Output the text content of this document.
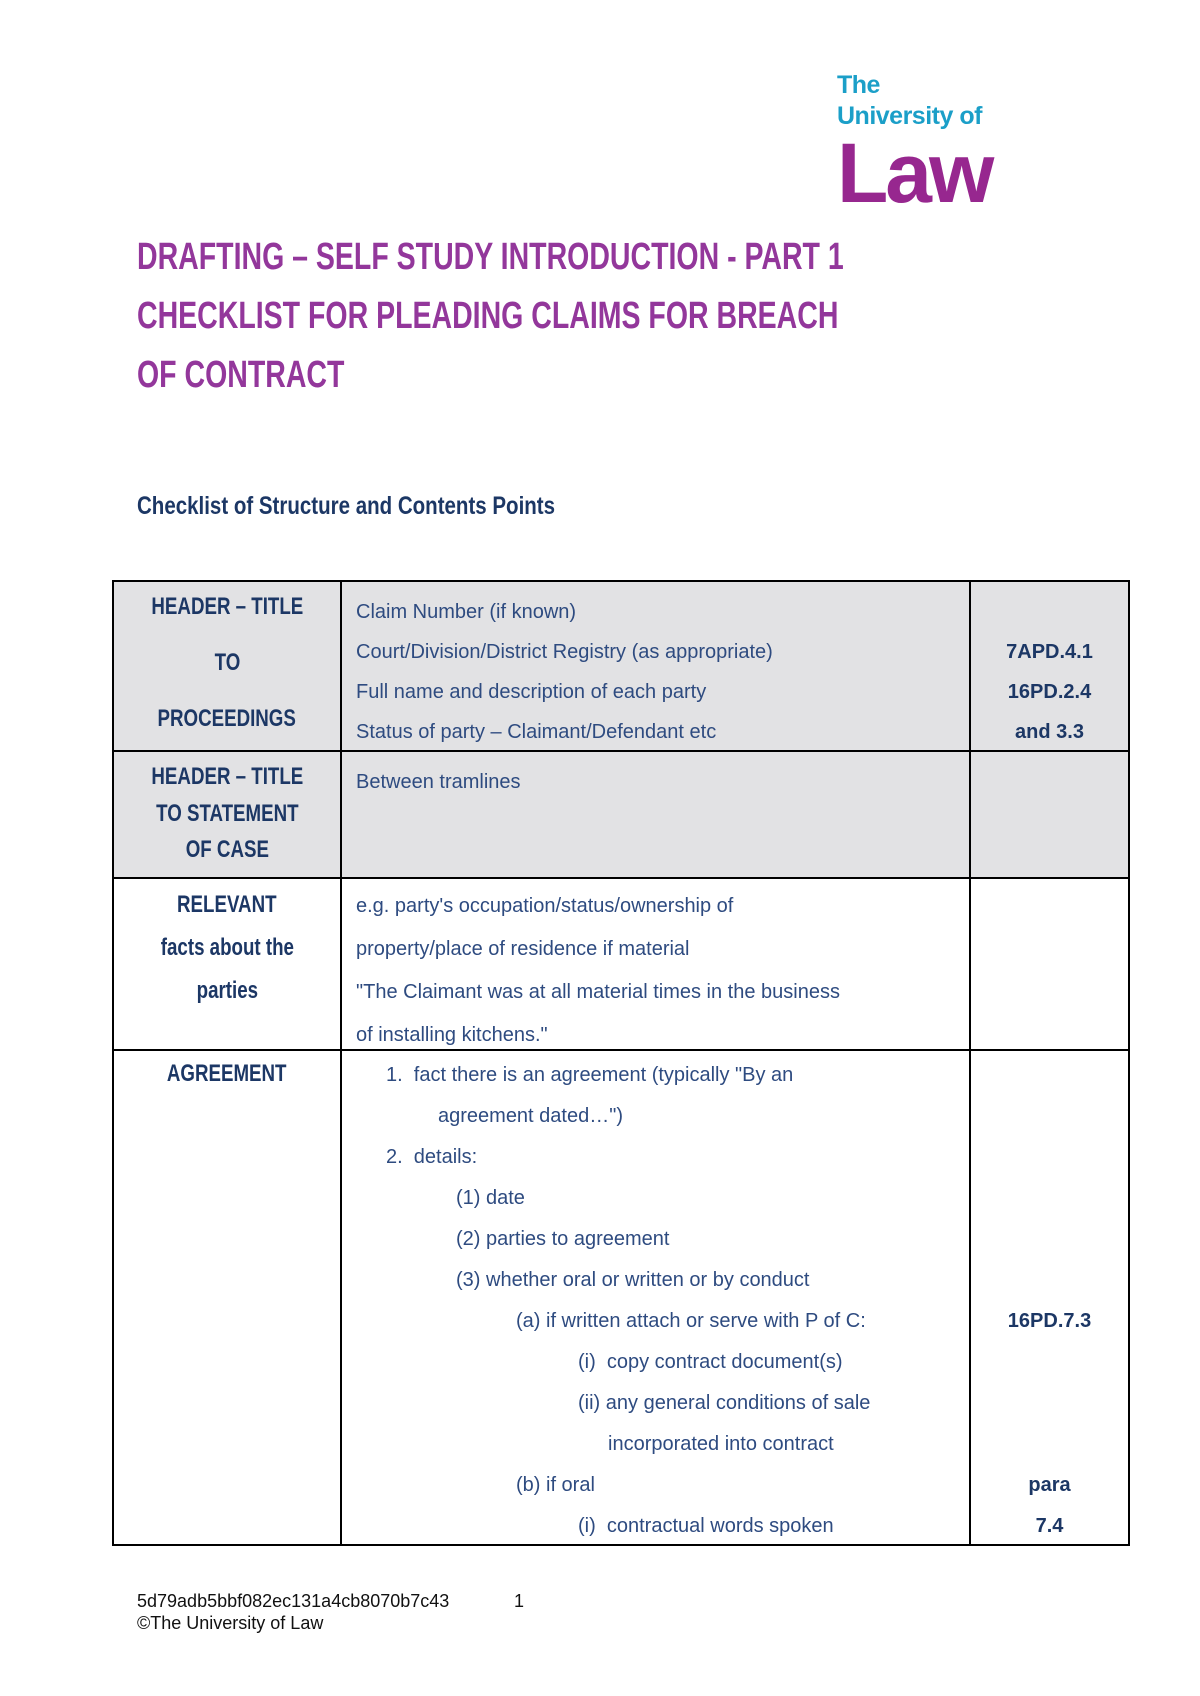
The
University of
Law
DRAFTING – SELF STUDY INTRODUCTION - PART 1
CHECKLIST FOR PLEADING CLAIMS FOR BREACH
OF CONTRACT
Checklist of Structure and Contents Points
HEADER – TITLE
TO
PROCEEDINGS
Claim Number (if known)
Court/Division/District Registry (as appropriate)
Full name and description of each party
Status of party – Claimant/Defendant etc

7APD.4.1
16PD.2.4
and 3.3
HEADER – TITLE
TO STATEMENT
OF CASE
Between tramlines
RELEVANT
facts about the
parties
e.g. party's occupation/status/ownership of
property/place of residence if material
"The Claimant was at all material times in the business
of installing kitchens."
AGREEMENT	1.  fact there is an agreement (typically "By an
agreement dated…")
2.  details:
(1) date
(2) parties to agreement
(3) whether oral or written or by conduct
(a) if written attach or serve with P of C:
(i)  copy contract document(s)
(ii) any general conditions of sale
incorporated into contract
(b) if oral
(i)  contractual words spoken

16PD.7.3

para
7.4
5d79adb5bbf082ec131a4cb8070b7c43
©The University of Law
1
